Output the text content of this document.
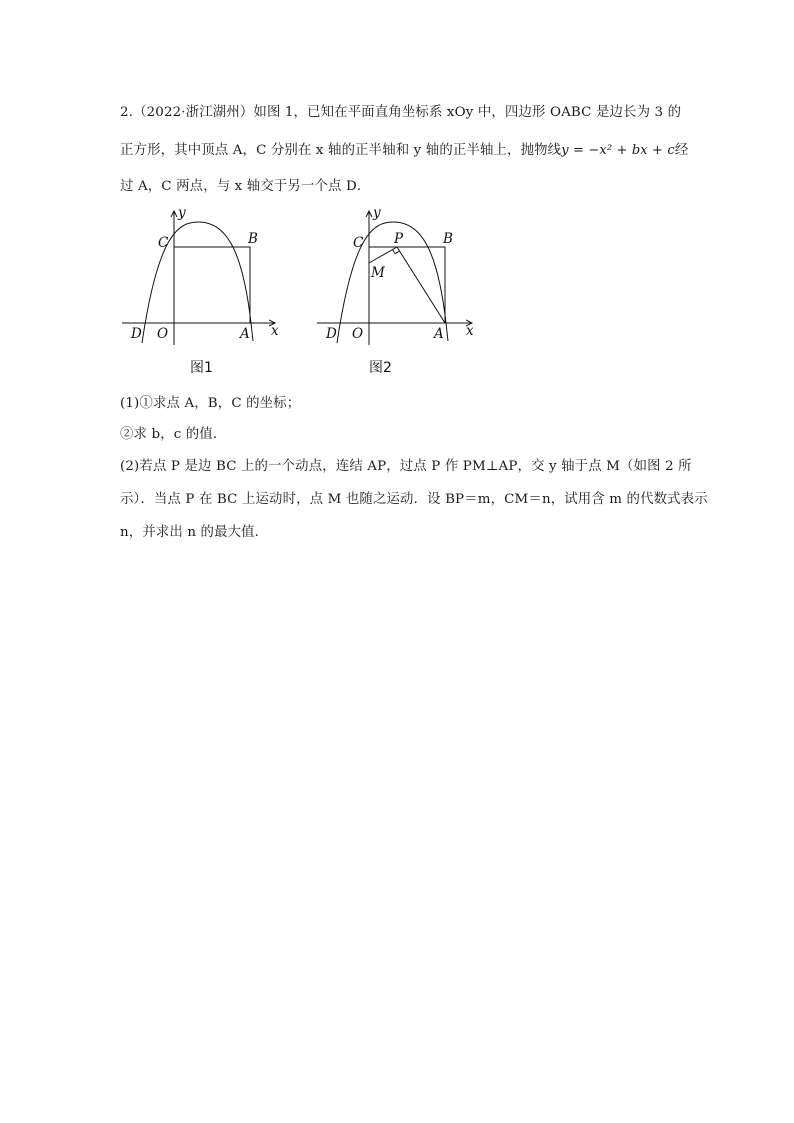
2.（2022·浙江湖州）如图 1，已知在平面直角坐标系 xOy 中，四边形 OABC 是边长为 3 的
正方形，其中顶点 A，C 分别在 x 轴的正半轴和 y 轴的正半轴上，抛物线y = −x² + bx + c经
过 A，C 两点，与 x 轴交于另一个点 D．
y
C	B
x
D O	A
图1
y
C P	B
M
x
D O	A
图2
(1)①求点 A，B，C 的坐标；
②求 b，c 的值．
(2)若点 P 是边 BC 上的一个动点，连结 AP，过点 P 作 PM⊥AP，交 y 轴于点 M（如图 2 所
示）．当点 P 在 BC 上运动时，点 M 也随之运动．设 BP＝m，CM＝n，试用含 m 的代数式表示
n，并求出 n 的最大值．
